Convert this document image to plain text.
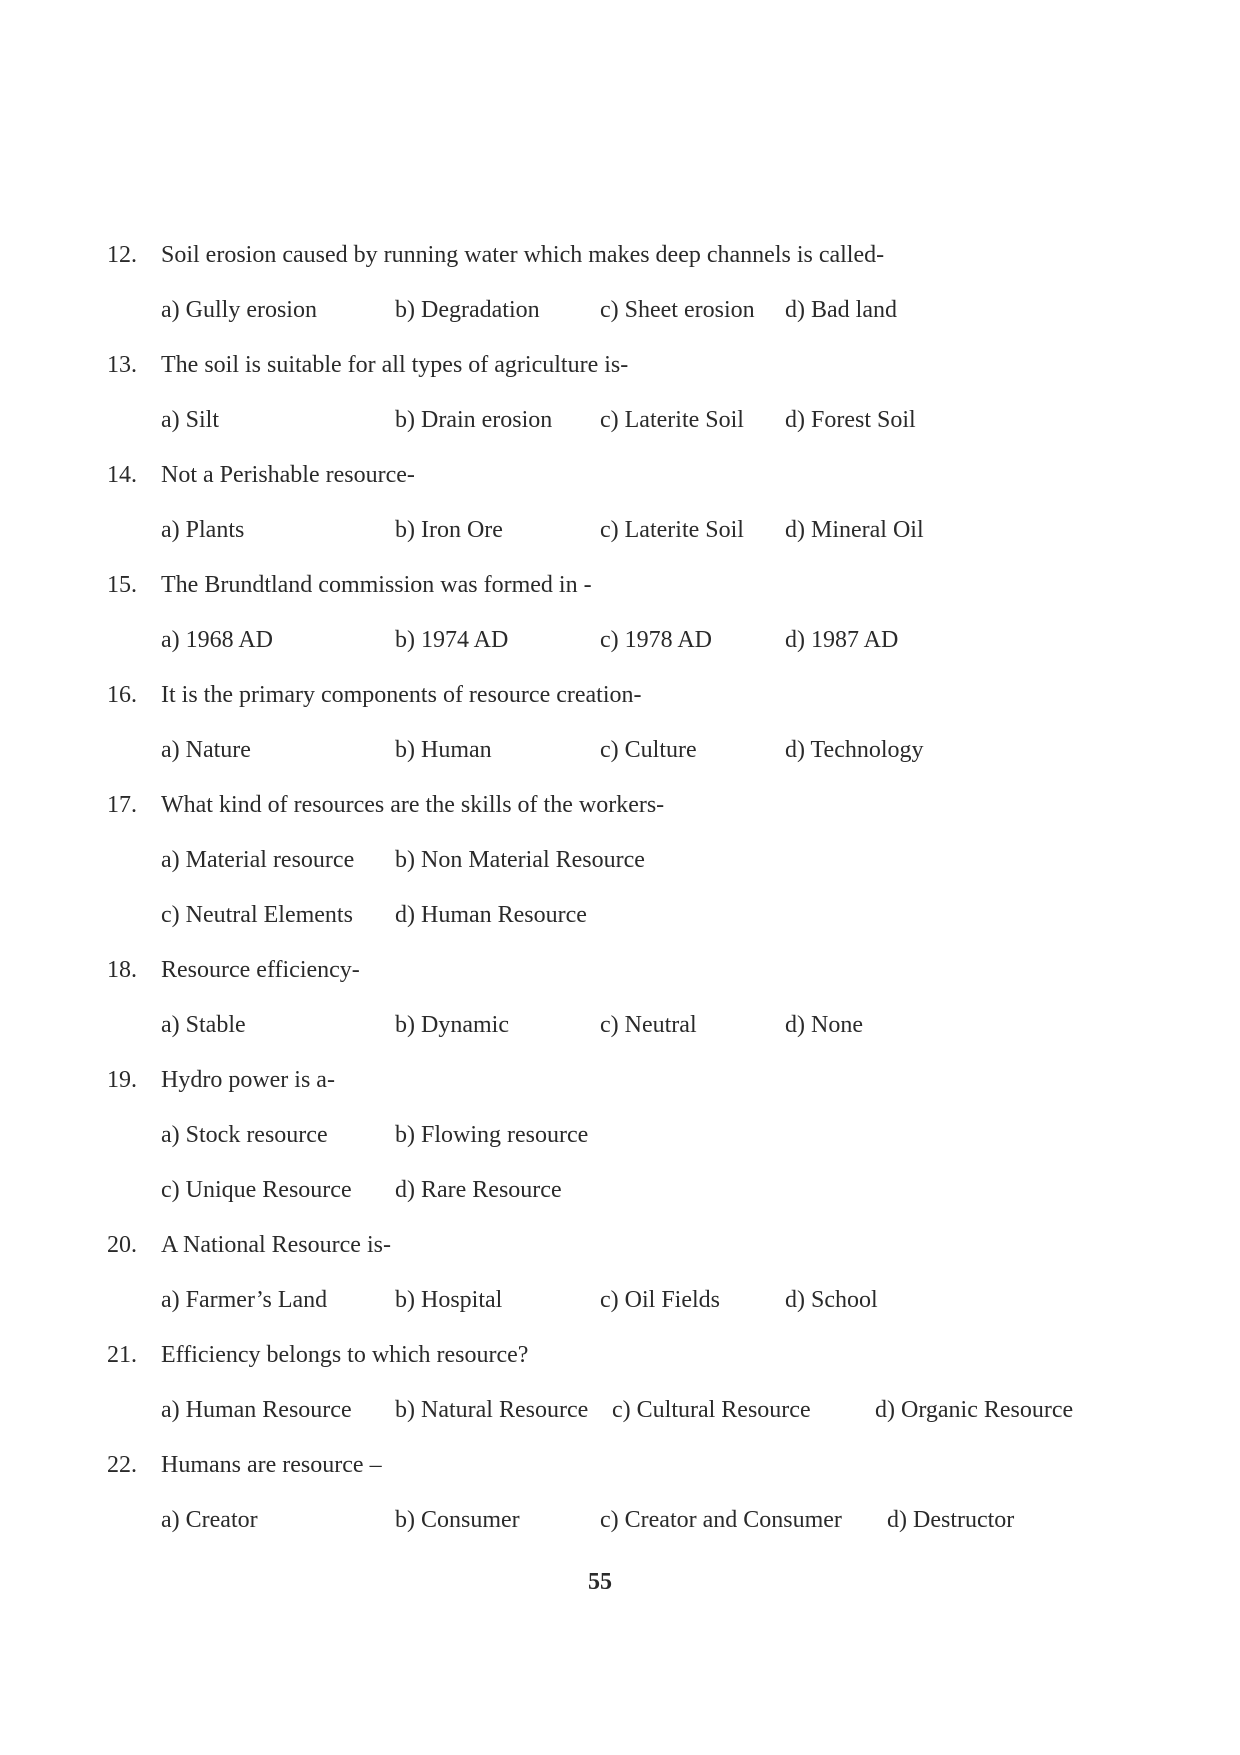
12. Soil erosion caused by running water which makes deep channels is called-
a) Gully erosion	b) Degradation	c) Sheet erosion d) Bad land
13. The soil is suitable for all types of agriculture is-
a) Silt	b) Drain erosion c) Laterite Soil d) Forest Soil
14. Not a Perishable resource-
a) Plants	b) Iron Ore	c) Laterite Soil d) Mineral Oil
15. The Brundtland commission was formed in -
a) 1968 AD	b) 1974 AD	c) 1978 AD	d) 1987 AD
16. It is the primary components of resource creation-
a) Nature	b) Human	c) Culture	d) Technology
17. What kind of resources are the skills of the workers-
a) Material resource b) Non Material Resource
c) Neutral Elements d) Human Resource
18. Resource efficiency-
a) Stable	b) Dynamic	c) Neutral	d) None
19. Hydro power is a-
a) Stock resource	b) Flowing resource
c) Unique Resource d) Rare Resource
20. A National Resource is-
a) Farmer’s Land	b) Hospital	c) Oil Fields	d) School
21. Efficiency belongs to which resource?
a) Human Resource b) Natural Resource c) Cultural Resource	d) Organic Resource
22. Humans are resource –
a) Creator	b) Consumer	c) Creator and Consumer d) Destructor
55
